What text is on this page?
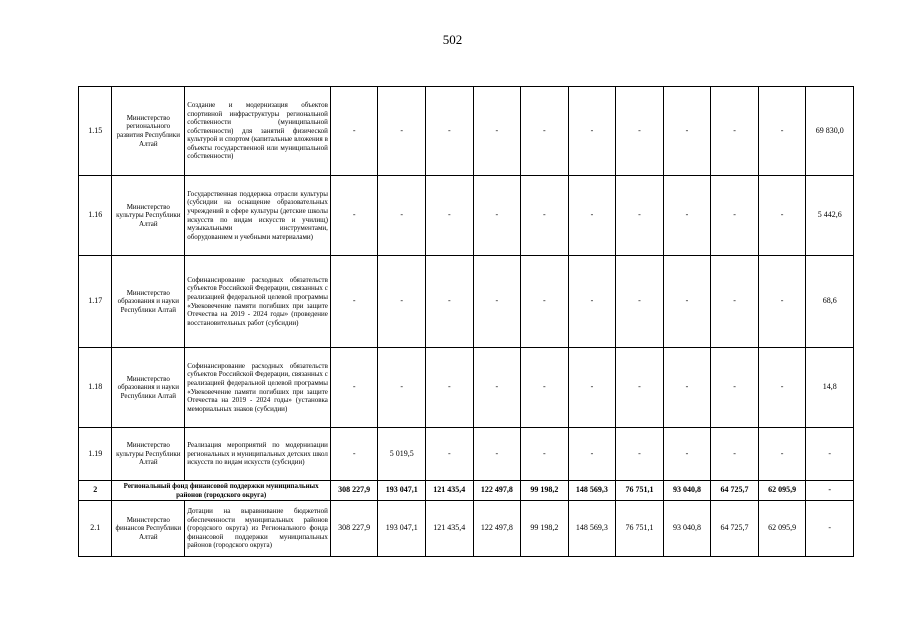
502
1.15	Министерство регионального развития Республики Алтай	Создание и модернизация объектов спортивной инфраструктуры региональной собственности (муниципальной собственности) для занятий физической культурой и спортом (капитальные вложения в объекты государственной или муниципальной собственности)	-	-	-	-	-	-	-	-	-	-	69 830,0
1.16	Министерство культуры Республики Алтай	Государственная поддержка отрасли культуры (субсидии на оснащение образовательных учреждений в сфере культуры (детские школы искусств по видам искусств и училищ) музыкальными инструментами, оборудованием и учебными материалами)	-	-	-	-	-	-	-	-	-	-	5 442,6
1.17	Министерство образования и науки Республики Алтай	Софинансирование расходных обязательств субъектов Российской Федерации, связанных с реализацией федеральной целевой программы «Увековечение памяти погибших при защите Отечества на 2019 - 2024 годы» (проведение восстановительных работ (субсидии)	-	-	-	-	-	-	-	-	-	-	68,6
1.18	Министерство образования и науки Республики Алтай	Софинансирование расходных обязательств субъектов Российской Федерации, связанных с реализацией федеральной целевой программы «Увековечение памяти погибших при защите Отечества на 2019 - 2024 годы» (установка мемориальных знаков (субсидии)	-	-	-	-	-	-	-	-	-	-	14,8
1.19	Министерство культуры Республики Алтай	Реализация мероприятий по модернизации региональных и муниципальных детских школ искусств по видам искусств (субсидии)	-	5 019,5	-	-	-	-	-	-	-	-	-
2	Региональный фонд финансовой поддержки муниципальных районов (городского округа)		308 227,9	193 047,1	121 435,4	122 497,8	99 198,2	148 569,3	76 751,1	93 040,8	64 725,7	62 095,9	-
2.1	Министерство финансов Республики Алтай	Дотации на выравнивание бюджетной обеспеченности муниципальных районов (городского округа) из Регионального фонда финансовой поддержки муниципальных районов (городского округа)	308 227,9	193 047,1	121 435,4	122 497,8	99 198,2	148 569,3	76 751,1	93 040,8	64 725,7	62 095,9	-
